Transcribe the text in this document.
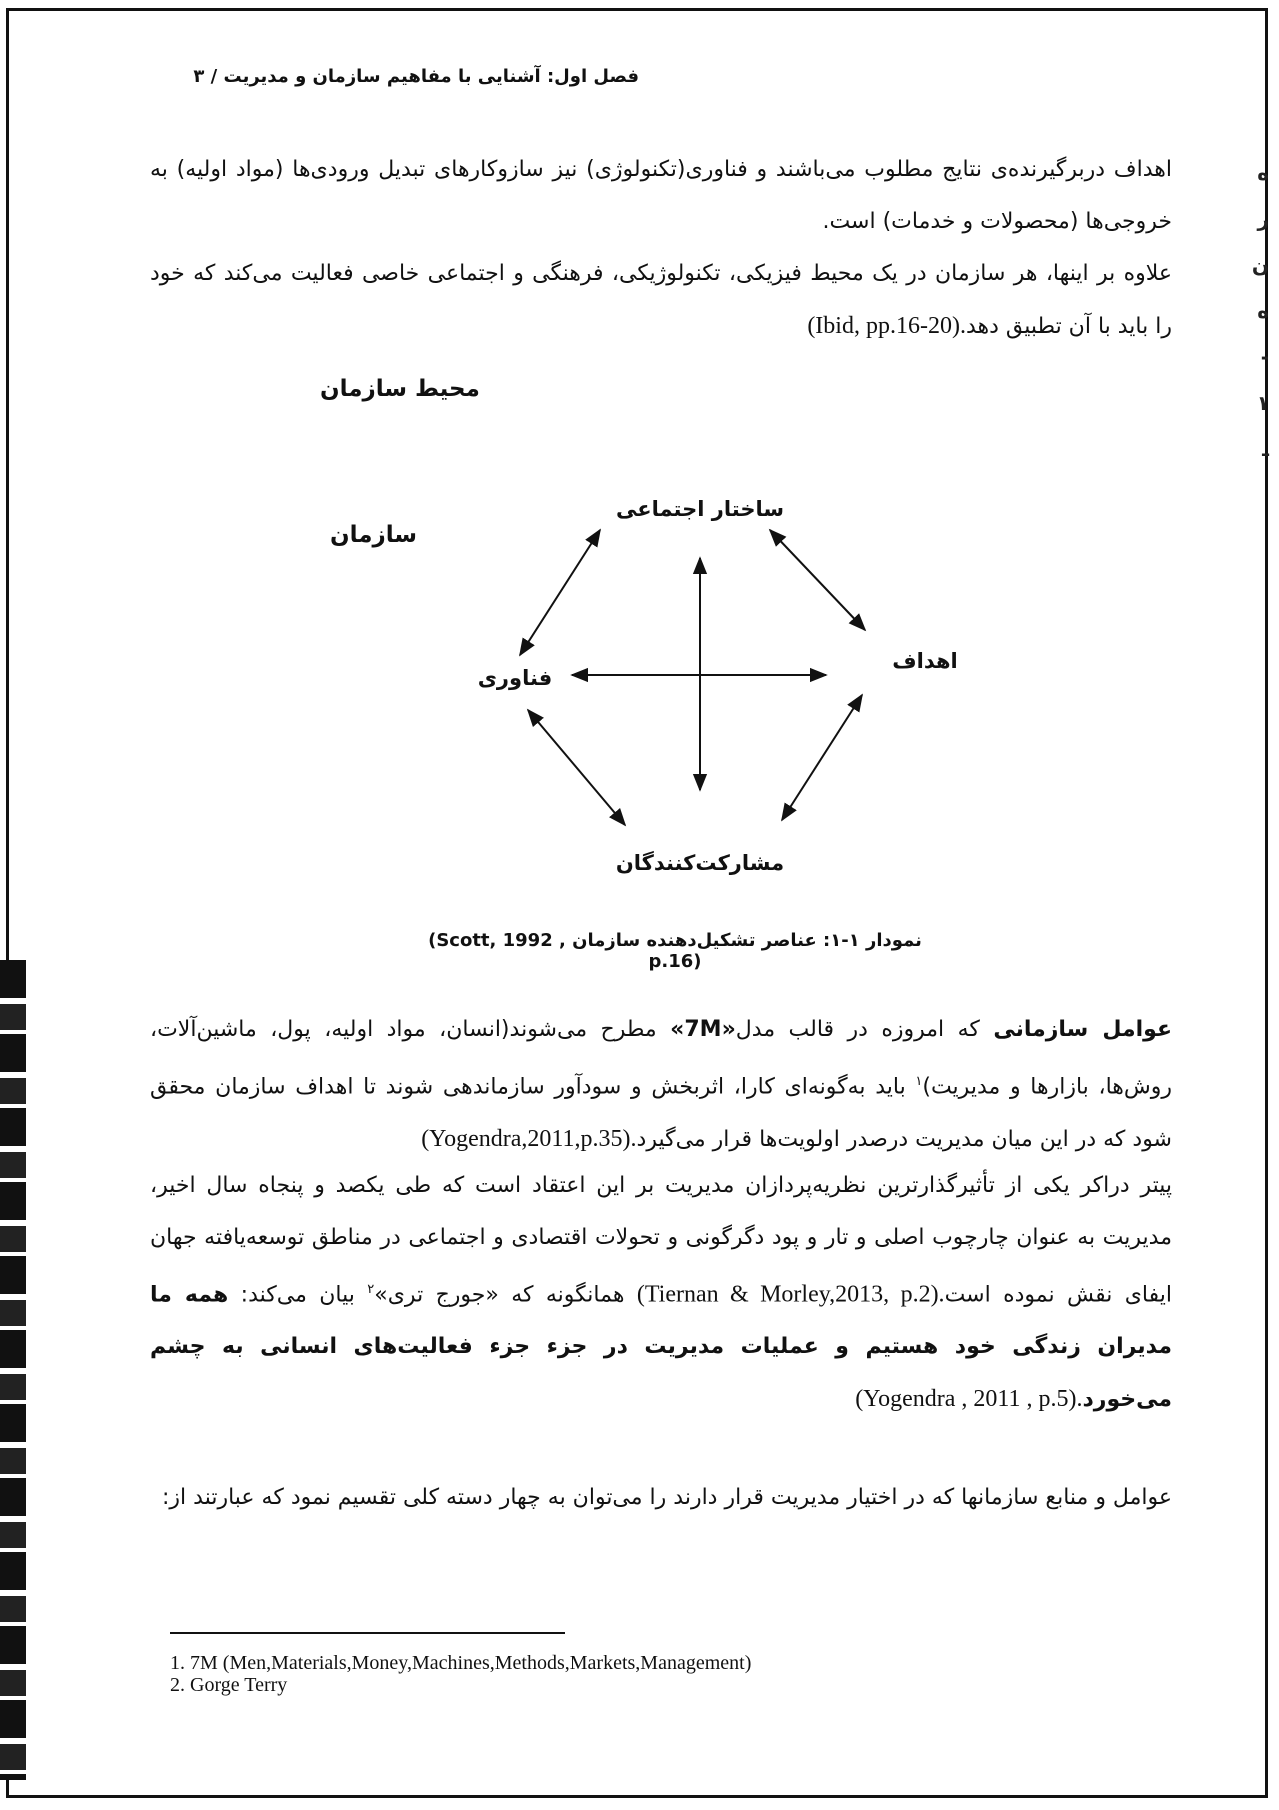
ه
ر
ن
ه
-
۱
ـ
فصل اول: آشنایی با مفاهیم سازمان و مدیریت / ۳
اهداف دربرگیرنده‌ی نتایج مطلوب می‌باشند و فناوری(تکنولوژی) نیز سازوکارهای تبدیل ورودی‌ها (مواد اولیه) به خروجی‌ها (محصولات و خدمات) است.
علاوه بر اینها، هر سازمان در یک محیط فیزیکی، تکنولوژیکی، فرهنگی و اجتماعی خاصی فعالیت می‌کند که خود را باید با آن تطبیق دهد(Ibid, pp.16-20).
محیط سازمان
سازمان
ساختار اجتماعی
اهداف
فناوری
مشارکت‌کنندگان
نمودار ۱-۱: عناصر تشکیل‌دهنده سازمان (Scott, 1992 , p.16)
عوامل سازمانی که امروزه در قالب مدل«7M» مطرح می‌شوند(انسان، مواد اولیه، پول، ماشین‌آلات، روش‌ها، بازارها و مدیریت)$^۱$ باید به‌گونه‌ای کارا، اثربخش و سودآور سازماندهی شوند تا اهداف سازمان محقق شود که در این میان مدیریت درصدر اولویت‌ها قرار می‌گیرد(Yogendra,2011,p.35).
پیتر دراکر یکی از تأثیرگذارترین نظریه‌پردازان مدیریت بر این اعتقاد است که طی یکصد و پنجاه سال اخیر، مدیریت به عنوان چارچوب اصلی و تار و پود دگرگونی و تحولات اقتصادی و اجتماعی در مناطق توسعه‌یافته جهان ایفای نقش نموده است(Tiernan & Morley,2013, p.2). همانگونه که «جورج تری»$^۲$ بیان می‌کند: همه ما مدیران زندگی خود هستیم و عملیات مدیریت در جزء جزء فعالیت‌های انسانی به چشم می‌خورد(Yogendra , 2011 , p.5).
عوامل و منابع سازمانها که در اختیار مدیریت قرار دارند را می‌توان به چهار دسته کلی تقسیم نمود که عبارتند از:
1. 7M (Men,Materials,Money,Machines,Methods,Markets,Management)
2. Gorge Terry
